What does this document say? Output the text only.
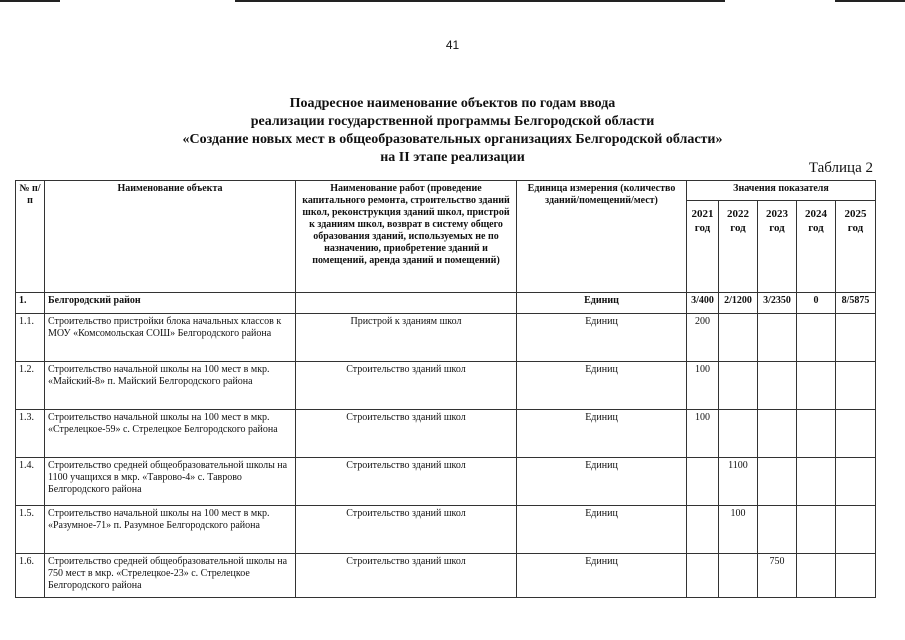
41
Поадресное наименование объектов по годам ввода
реализации государственной программы Белгородской области
«Создание новых мест в общеобразовательных организациях Белгородской области»
на II этапе реализации
Таблица 2
№ п/п	Наименование объекта	Наименование работ (проведение капитального ремонта, строительство зданий школ, реконструкция зданий школ, пристрой к зданиям школ, возврат в систему общего образования зданий, используемых не по назначению, приобретение зданий и помещений, аренда зданий и помещений)	Единица измерения (количество зданий/помещений/мест)	Значения показателя				
				2021 год	2022 год	2023 год	2024 год	2025 год
1.	Белгородский район		Единиц	3/400	2/1200	3/2350	0	8/5875
1.1.	Строительство пристройки блока начальных классов к МОУ «Комсомольская СОШ» Белгородского района	Пристрой к зданиям школ	Единиц	200				
1.2.	Строительство начальной школы на 100 мест в мкр. «Майский-8» п. Майский Белгородского района	Строительство зданий школ	Единиц	100				
1.3.	Строительство начальной школы на 100 мест в мкр. «Стрелецкое-59» с. Стрелецкое Белгородского района	Строительство зданий школ	Единиц	100				
1.4.	Строительство средней общеобразовательной школы на 1100 учащихся в мкр. «Таврово-4» с. Таврово Белгородского района	Строительство зданий школ	Единиц		1100			
1.5.	Строительство начальной школы на 100 мест в мкр. «Разумное-71» п. Разумное Белгородского района	Строительство зданий школ	Единиц		100			
1.6.	Строительство средней общеобразовательной школы на 750 мест в мкр. «Стрелецкое-23» с. Стрелецкое Белгородского района	Строительство зданий школ	Единиц			750		
